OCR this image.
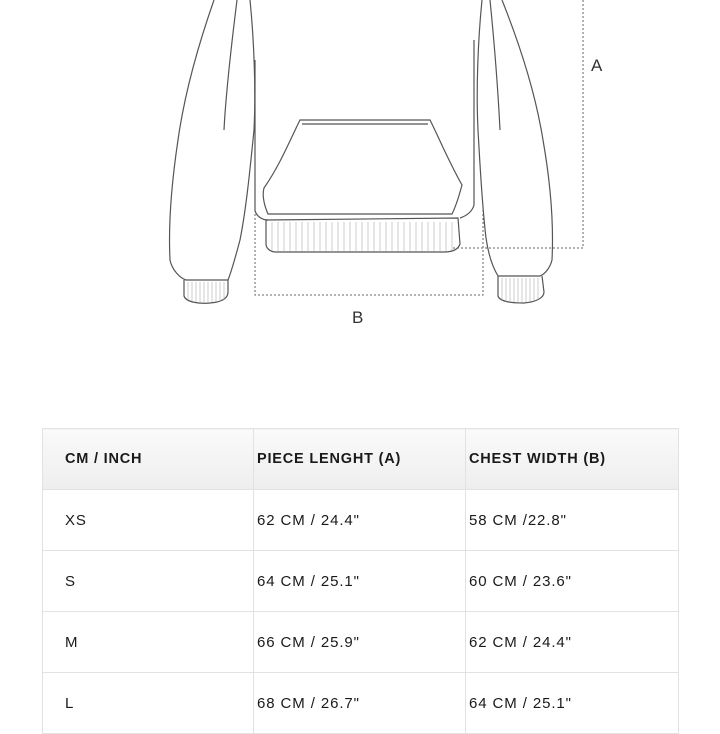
A
B
CM / INCH	PIECE LENGHT (A)	CHEST WIDTH (B)
XS	62 CM / 24.4"	58 CM /22.8"
S	64 CM / 25.1"	60 CM / 23.6"
M	66 CM / 25.9"	62 CM / 24.4"
L	68 CM / 26.7"	64 CM / 25.1"
